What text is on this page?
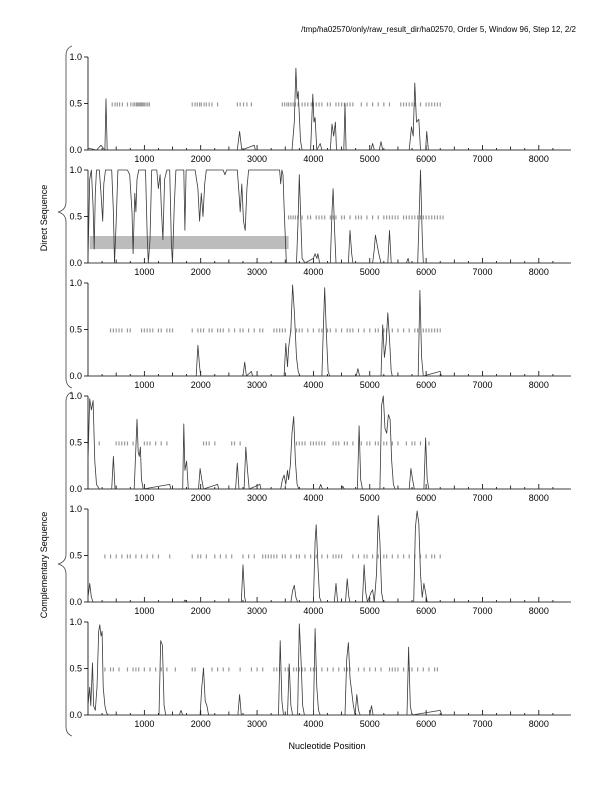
/tmp/ha02570/only/raw_result_dir/ha02570, Order 5, Window 96, Step 12, 2/2
Direct Sequence
Complementary Sequence
Nucleotide Position
0.0
0.5
1.0
1000	2000	3000	4000	5000	6000	7000	8000
0.0
0.5
1.0
1000	2000	3000	4000	5000	6000	7000	8000
0.0
0.5
1.0
1000	2000	3000	4000	5000	6000	7000	8000
0.0
0.5
1.0
1000	2000	3000	4000	5000	6000	7000	8000
0.0
0.5
1.0
1000	2000	3000	4000	5000	6000	7000	8000
0.0
0.5
1.0
1000	2000	3000	4000	5000	6000	7000	8000
